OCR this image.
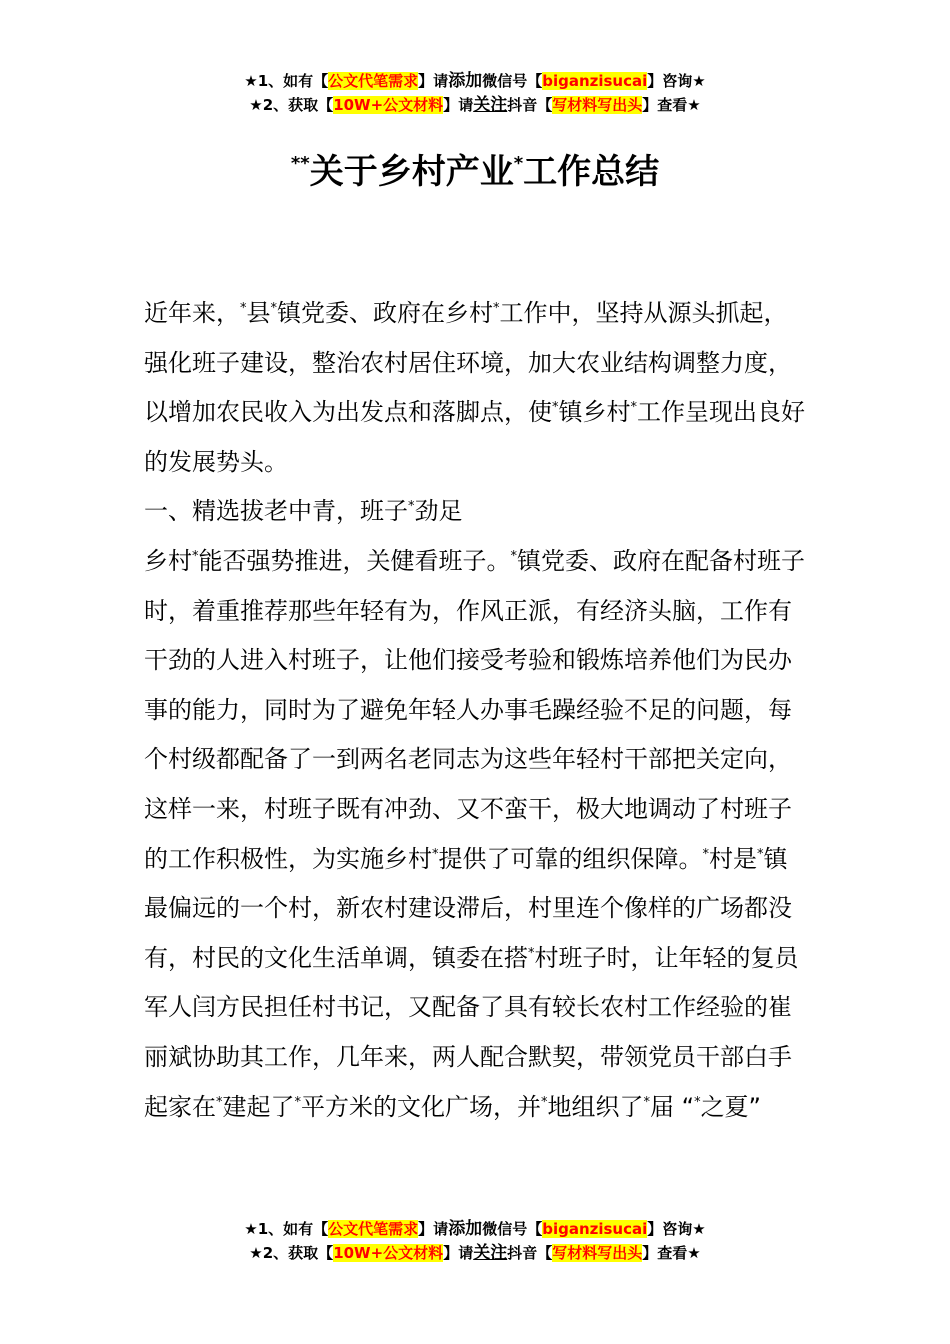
★1、如有【公文代笔需求】请添加微信号【biganzisucai】咨询★
★2、获取【10W+公文材料】请关注抖音【写材料写出头】查看★
**关于乡村产业*工作总结

近年来，*县*镇党委、政府在乡村*工作中，坚持从源头抓起，强化班子建设，整治农村居住环境，加大农业结构调整力度，以增加农民收入为出发点和落脚点，使*镇乡村*工作呈现出良好的发展势头。

一、精选拔老中青，班子*劲足

乡村*能否强势推进，关健看班子。*镇党委、政府在配备村班子时，着重推荐那些年轻有为，作风正派，有经济头脑，工作有干劲的人进入村班子，让他们接受考验和锻炼培养他们为民办事的能力，同时为了避免年轻人办事毛躁经验不足的问题，每个村级都配备了一到两名老同志为这些年轻村干部把关定向，这样一来，村班子既有冲劲、又不蛮干，极大地调动了村班子的工作积极性，为实施乡村*提供了可靠的组织保障。*村是*镇最偏远的一个村，新农村建设滞后，村里连个像样的广场都没有，村民的文化生活单调，镇委在搭*村班子时，让年轻的复员军人闫方民担任村书记，又配备了具有较长农村工作经验的崔丽斌协助其工作，几年来，两人配合默契，带领党员干部白手起家在*建起了*平方米的文化广场，并*地组织了*届 “*之夏”

★1、如有【公文代笔需求】请添加微信号【biganzisucai】咨询★
★2、获取【10W+公文材料】请关注抖音【写材料写出头】查看★
